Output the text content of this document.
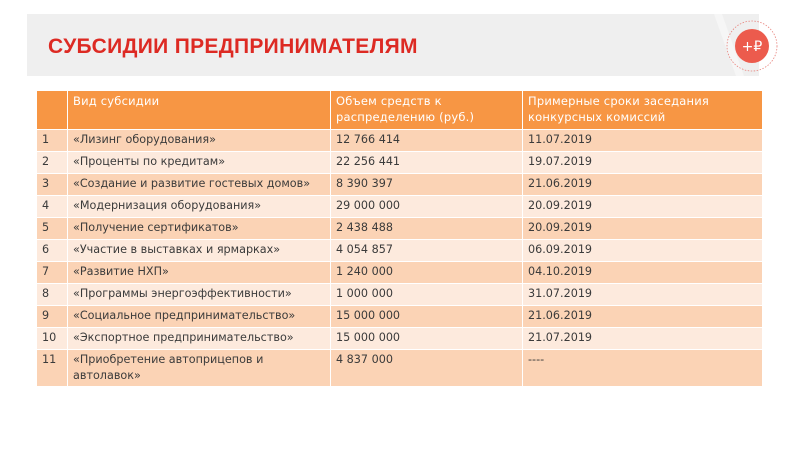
СУБСИДИИ ПРЕДПРИНИМАТЕЛЯМ	+₽
	Вид субсидии	Объем средств к распределению (руб.)	Примерные сроки заседания конкурсных комиссий
1	«Лизинг оборудования»	12 766 414	11.07.2019
2	«Проценты по кредитам»	22 256 441	19.07.2019
3	«Создание и развитие гостевых домов»	8 390 397	21.06.2019
4	«Модернизация оборудования»	29 000 000	20.09.2019
5	«Получение сертификатов»	2 438 488	20.09.2019
6	«Участие в выставках и ярмарках»	4 054 857	06.09.2019
7	«Развитие НХП»	1 240 000	04.10.2019
8	«Программы энергоэффективности»	1 000 000	31.07.2019
9	«Социальное предпринимательство»	15 000 000	21.06.2019
10	«Экспортное предпринимательство»	15 000 000	21.07.2019
11	«Приобретение автоприцепов и автолавок»	4 837 000	----
